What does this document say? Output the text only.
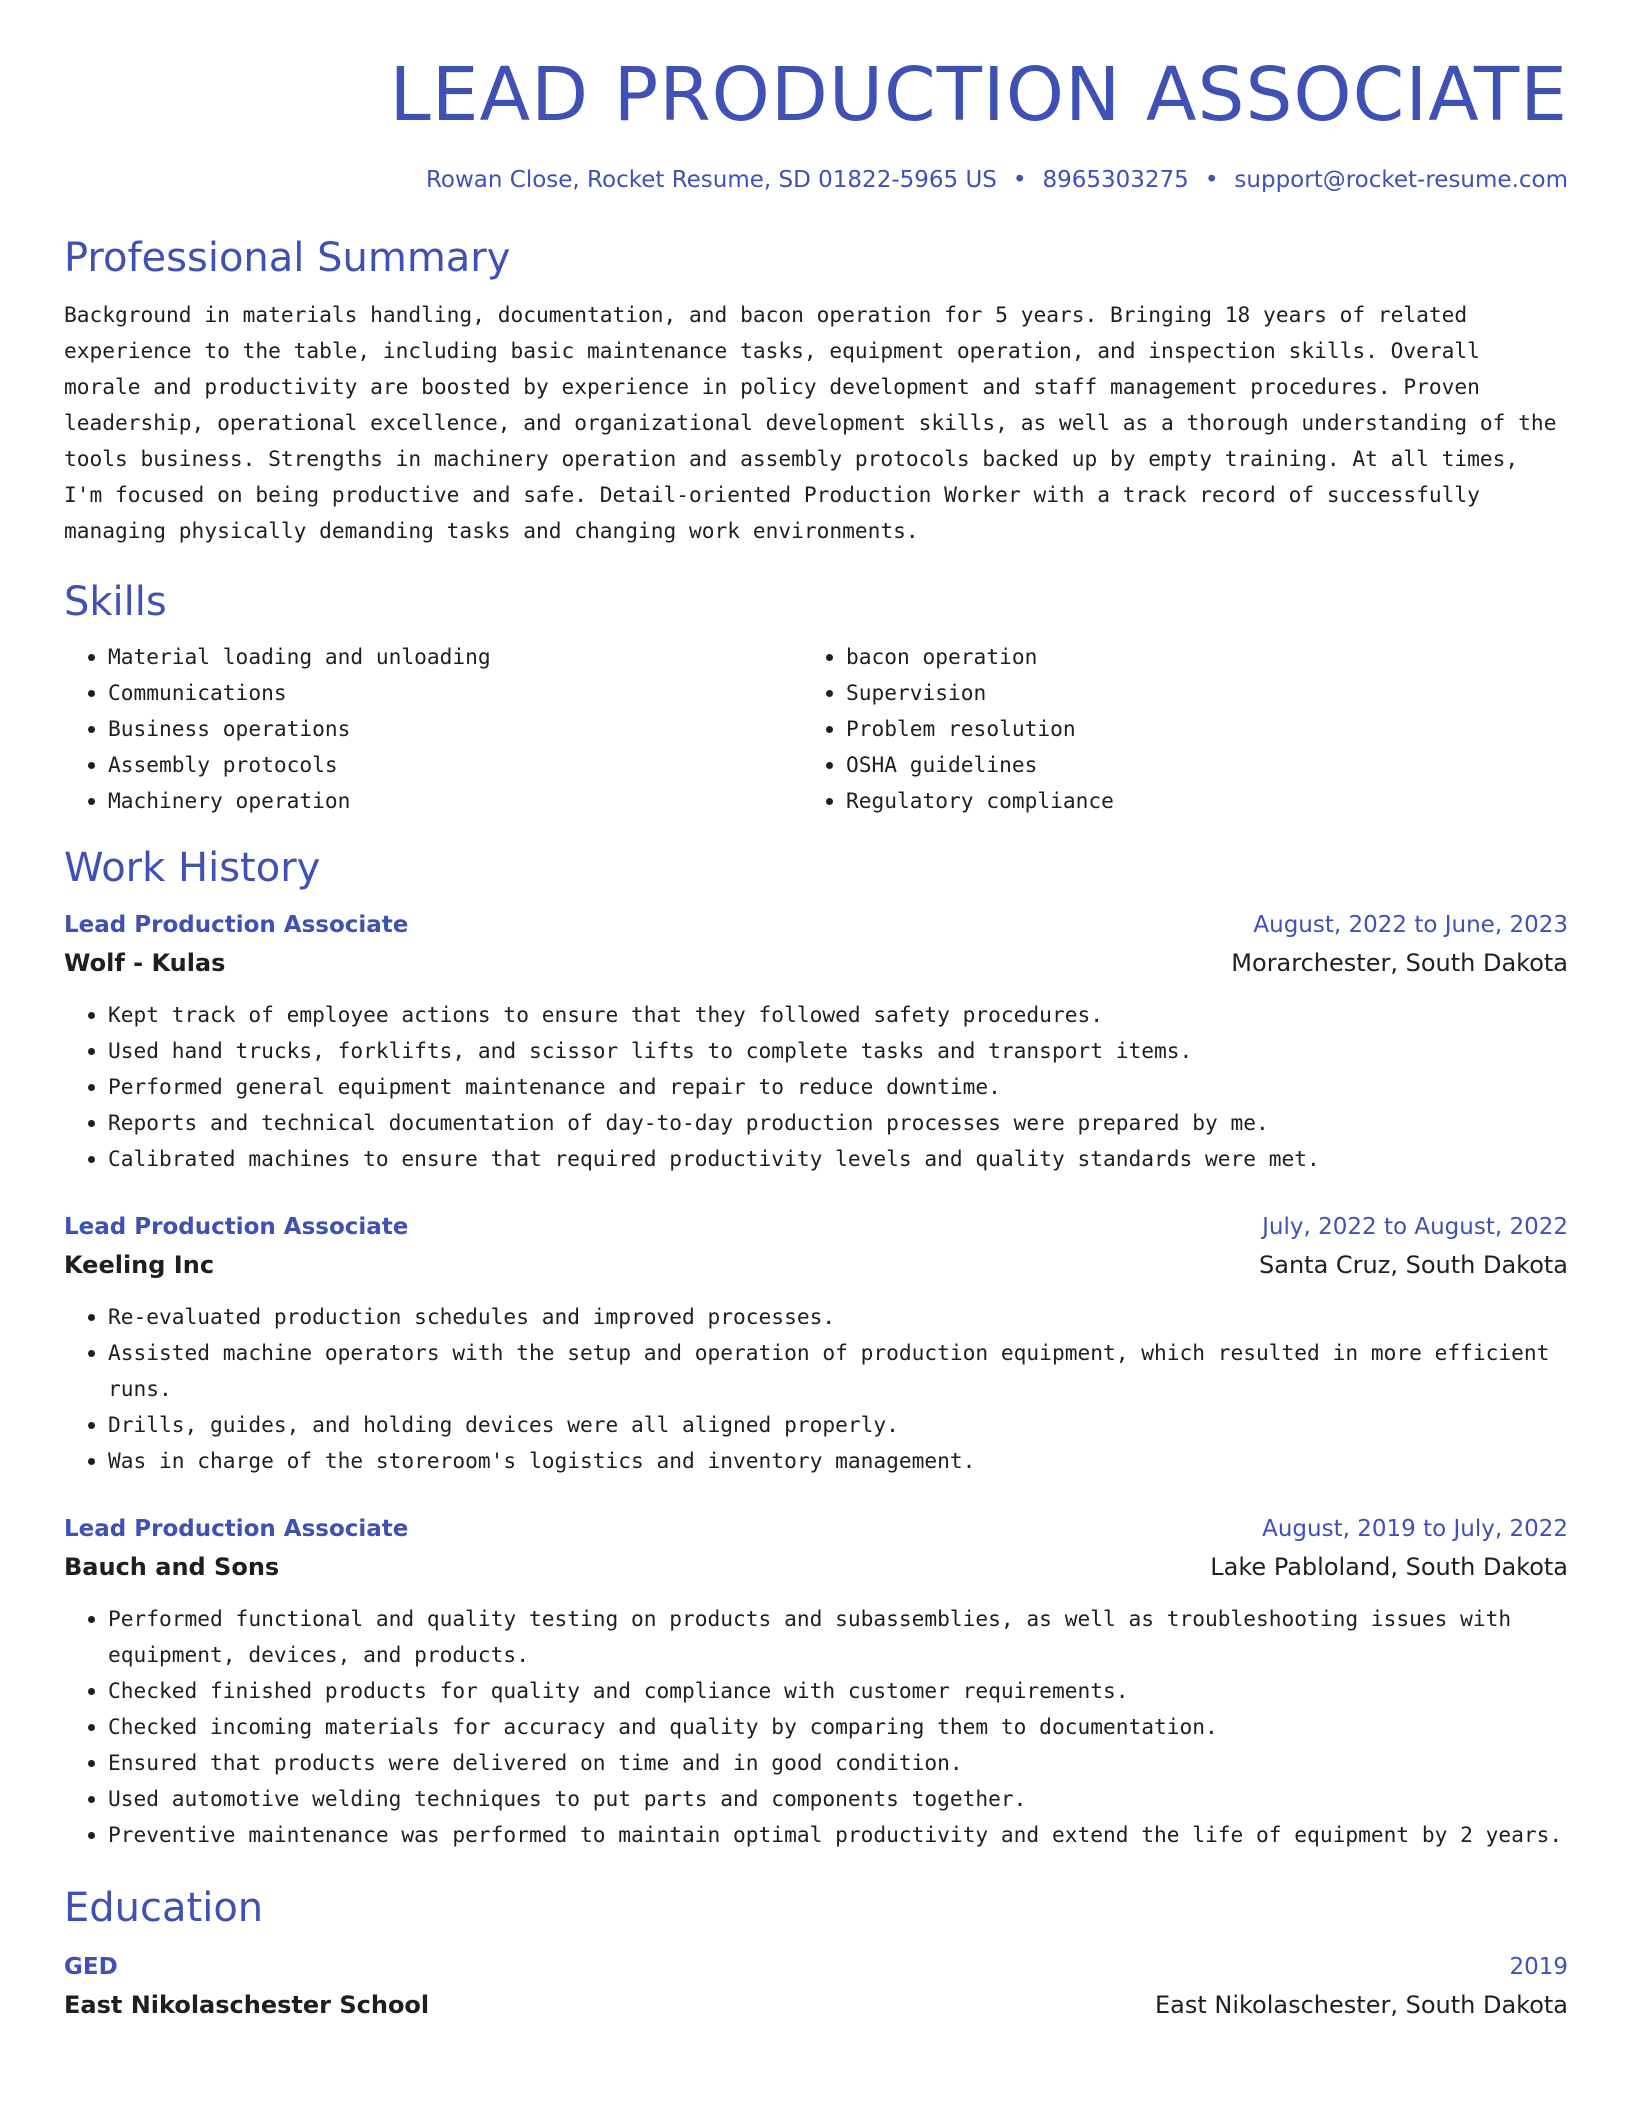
LEAD PRODUCTION ASSOCIATE
Rowan Close, Rocket Resume, SD 01822-5965 US • 8965303275 • support@rocket-resume.com
Professional Summary

Background in materials handling, documentation, and bacon operation for 5 years. Bringing 18 years of related experience to the table, including basic maintenance tasks, equipment operation, and inspection skills. Overall morale and productivity are boosted by experience in policy development and staff management procedures. Proven leadership, operational excellence, and organizational development skills, as well as a thorough understanding of the tools business. Strengths in machinery operation and assembly protocols backed up by empty training. At all times, I'm focused on being productive and safe. Detail-oriented Production Worker with a track record of successfully managing physically demanding tasks and changing work environments.

Skills
• Material loading and unloading
• Communications
• Business operations
• Assembly protocols
• Machinery operation
• bacon operation
• Supervision
• Problem resolution
• OSHA guidelines
• Regulatory compliance
Work History
Lead Production Associate	August, 2022 to June, 2023
Wolf - Kulas	Morarchester, South Dakota
• Kept track of employee actions to ensure that they followed safety procedures.
• Used hand trucks, forklifts, and scissor lifts to complete tasks and transport items.
• Performed general equipment maintenance and repair to reduce downtime.
• Reports and technical documentation of day-to-day production processes were prepared by me.
• Calibrated machines to ensure that required productivity levels and quality standards were met.
Lead Production Associate	July, 2022 to August, 2022
Keeling Inc	Santa Cruz, South Dakota
• Re-evaluated production schedules and improved processes.
• Assisted machine operators with the setup and operation of production equipment, which resulted in more efficient runs.
• Drills, guides, and holding devices were all aligned properly.
• Was in charge of the storeroom's logistics and inventory management.
Lead Production Associate	August, 2019 to July, 2022
Bauch and Sons	Lake Pabloland, South Dakota
• Performed functional and quality testing on products and subassemblies, as well as troubleshooting issues with equipment, devices, and products.
• Checked finished products for quality and compliance with customer requirements.
• Checked incoming materials for accuracy and quality by comparing them to documentation.
• Ensured that products were delivered on time and in good condition.
• Used automotive welding techniques to put parts and components together.
• Preventive maintenance was performed to maintain optimal productivity and extend the life of equipment by 2 years.
Education
GED	2019
East Nikolaschester School	East Nikolaschester, South Dakota
